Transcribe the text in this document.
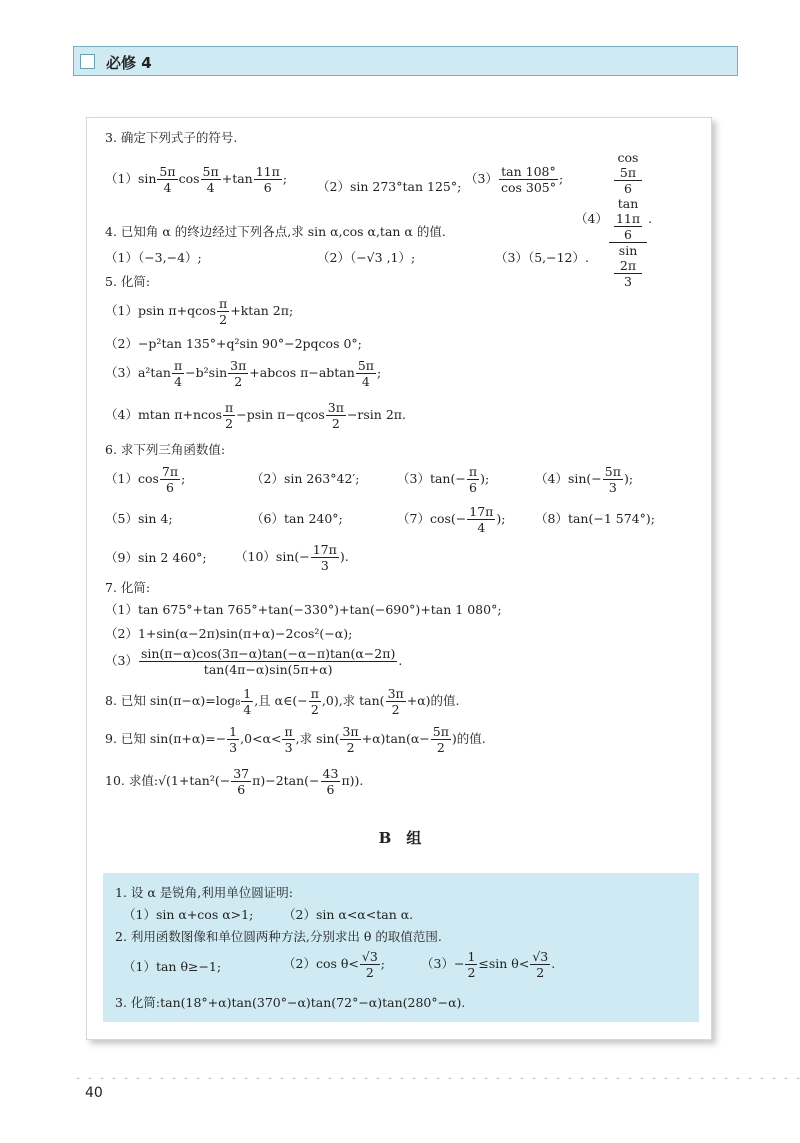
必修 4
3. 确定下列式子的符号.
$(1)\sin \frac{5\pi}{4}$ $\cos \frac{5\pi}{4} +\tan \frac{11\pi}{6}$ ;
（2）sin 273°tan 125°;
$(3) \frac{\tan 108^\circ}{\cos 305^\circ}$ ;
（4） cos
5π
6
tan
11π
6
sin
2π
3 .
4. 已知角 α 的终边经过下列各点,求 sin α,cos α,tan α 的值.
（1）（−3,−4）;	（2）（−√3 ,1）;	（3）（5,−12）.
5. 化简:
（1）psin $\pi+qcos \frac{\pi}{2} +ktan$ 2π;
（2）−p²tan 135°+q²sin 90°−2pqcos 0°;
$(3)a^2\tan \frac{\pi}{4} -b^2\sin \frac{3\pi}{2} +abcos$ $\pi-abtan \frac{5\pi}{4}$ ;
（4）mtan $\pi+ncos \frac{\pi}{2} -psin$ $\pi-qcos \frac{3\pi}{2} -rsin$ 2π.
6. 求下列三角函数值:
$(1)\cos \frac{7\pi}{6}$ ;	（2）sin 263°42′;	$(3)\tan(- \frac{\pi}{6}$ );	$(4)\sin(- \frac{5\pi}{3}$ );
（5）sin 4;	（6）tan 240°;	$(7)\cos(- \frac{17\pi}{4}$ ); （8）tan(−1 574°);
（9）sin 2 460°; $(10)\sin(- \frac{17\pi}{3}$ ).
7. 化简:
（1）tan 675°+tan 765°+tan(−330°)+tan(−690°)+tan 1 080°;
（2）1+sin(α−2π)sin(π+α)−2cos²(−α);
$(3) \frac{\sin(\pi-\alpha)\cos(3\pi-\alpha)\tan(-\alpha-\pi)\tan(\alpha-2\pi)}{\tan(4\pi-\alpha)\sin(5\pi+\alpha)}$ .
8. 已知 $\sin(\pi-\alpha)=\log_8 \frac{1}{4}$ ,且 α∈(− $\frac{\pi}{2} ,0$),求 $\tan( \frac{3\pi}{2} +\alpha)$的值.
9. 已知 $\sin(\pi+\alpha)=- \frac{1}{3} ,0<\alpha< \frac{\pi}{3}$ ,求 $\sin( \frac{3\pi}{2} +\alpha)\tan(\alpha- \frac{5\pi}{2}$ )的值.
10. 求值:√(1+tan²(− $\frac{37}{6} \pi)-2\tan(- \frac{43}{6} \pi)$).
B　组
1. 设 α 是锐角,利用单位圆证明:
（1）sin α+cos α>1; （2）sin α<α<tan α.
2. 利用函数图像和单位圆两种方法,分别求出 θ 的取值范围.
（1）tan θ≥−1;	（2）cos $\theta< \frac{√3}{2}$ ;	$(3)- \frac{1}{2} \le\sin$ $\theta< \frac{√3}{2}$ .
3. 化简:tan(18°+α)tan(370°−α)tan(72°−α)tan(280°−α).
40
